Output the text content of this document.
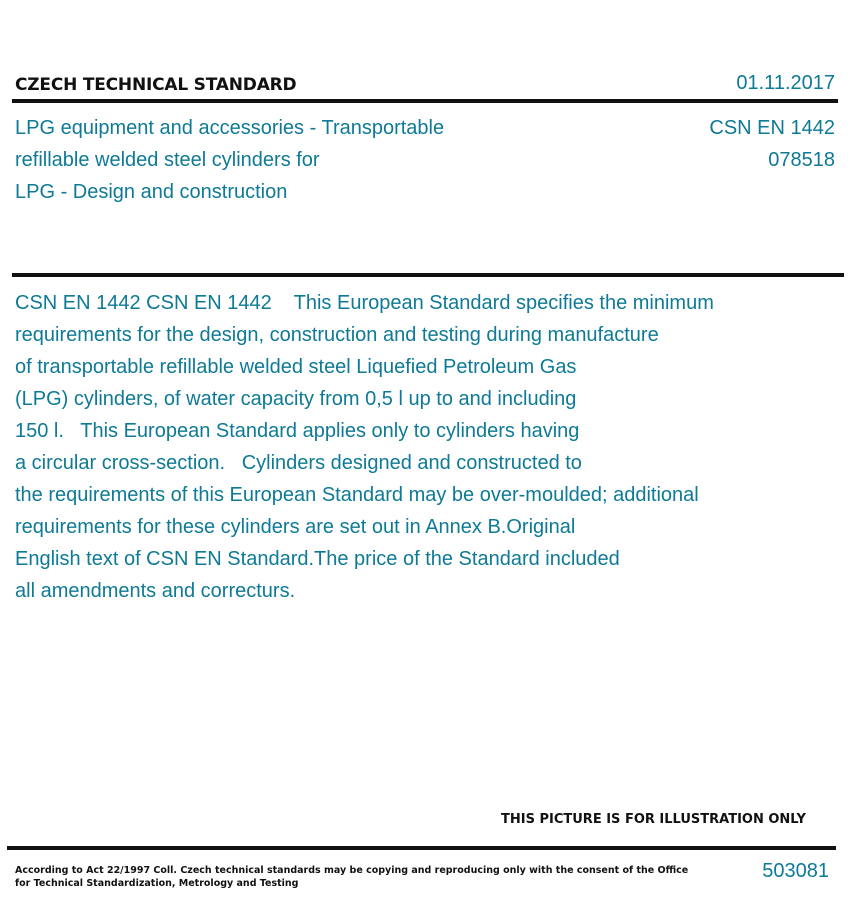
CZECH TECHNICAL STANDARD	01.11.2017
LPG equipment and accessories - Transportable
refillable welded steel cylinders for
LPG - Design and construction
CSN EN 1442
078518
CSN EN 1442 CSN EN 1442    This European Standard specifies the minimum
requirements for the design, construction and testing during manufacture
of transportable refillable welded steel Liquefied Petroleum Gas
(LPG) cylinders, of water capacity from 0,5 l up to and including
150 l.   This European Standard applies only to cylinders having
a circular cross-section.   Cylinders designed and constructed to
the requirements of this European Standard may be over-moulded; additional
requirements for these cylinders are set out in Annex B.Original
English text of CSN EN Standard.The price of the Standard included
all amendments and correcturs.
THIS PICTURE IS FOR ILLUSTRATION ONLY
According to Act 22/1997 Coll. Czech technical standards may be copying and reproducing only with the consent of the Office
for Technical Standardization, Metrology and Testing
503081
